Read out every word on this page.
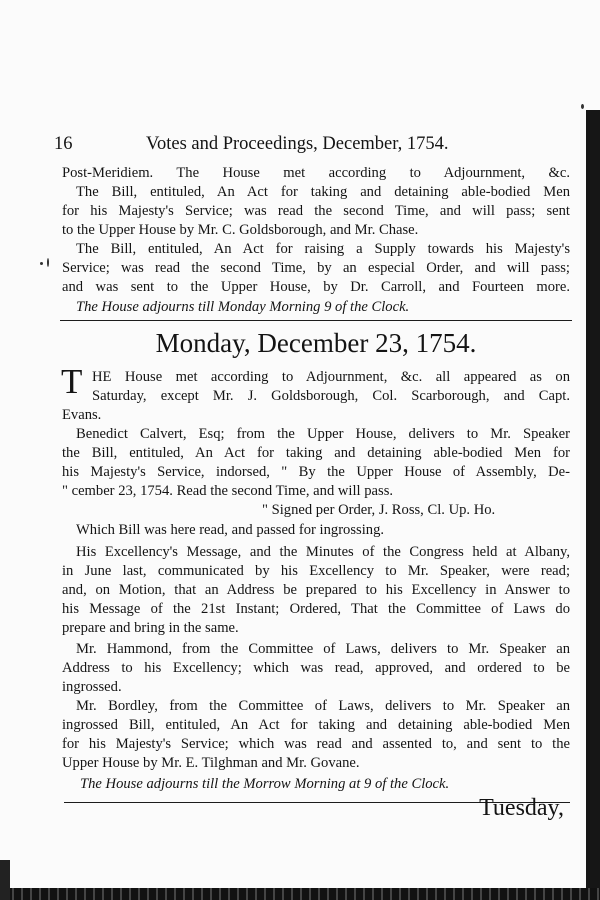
16	Votes and Proceedings, December, 1754.
Post-Meridiem. The House met according to Adjournment, &c.
The Bill, entituled, An Act for taking and detaining able-bodied Men
for his Majesty's Service; was read the second Time, and will pass; sent
to the Upper House by Mr. C. Goldsborough, and Mr. Chase.
The Bill, entituled, An Act for raising a Supply towards his Majesty's
Service; was read the second Time, by an especial Order, and will pass;
and was sent to the Upper House, by Dr. Carroll, and Fourteen more.
The House adjourns till Monday Morning 9 of the Clock.
Monday, December 23, 1754.
T HE House met according to Adjournment, &c. all appeared as on
Saturday, except Mr. J. Goldsborough, Col. Scarborough, and Capt.
Evans.
Benedict Calvert, Esq; from the Upper House, delivers to Mr. Speaker
the Bill, entituled, An Act for taking and detaining able-bodied Men for
his Majesty's Service, indorsed, " By the Upper House of Assembly, De-
" cember 23, 1754. Read the second Time, and will pass.
" Signed per Order, J. Ross, Cl. Up. Ho.
Which Bill was here read, and passed for ingrossing.
His Excellency's Message, and the Minutes of the Congress held at Albany,
in June last, communicated by his Excellency to Mr. Speaker, were read;
and, on Motion, that an Address be prepared to his Excellency in Answer to
his Message of the 21st Instant; Ordered, That the Committee of Laws do
prepare and bring in the same.
Mr. Hammond, from the Committee of Laws, delivers to Mr. Speaker an
Address to his Excellency; which was read, approved, and ordered to be
ingrossed.
Mr. Bordley, from the Committee of Laws, delivers to Mr. Speaker an
ingrossed Bill, entituled, An Act for taking and detaining able-bodied Men
for his Majesty's Service; which was read and assented to, and sent to the
Upper House by Mr. E. Tilghman and Mr. Govane.
The House adjourns till the Morrow Morning at 9 of the Clock.
Tuesday,
